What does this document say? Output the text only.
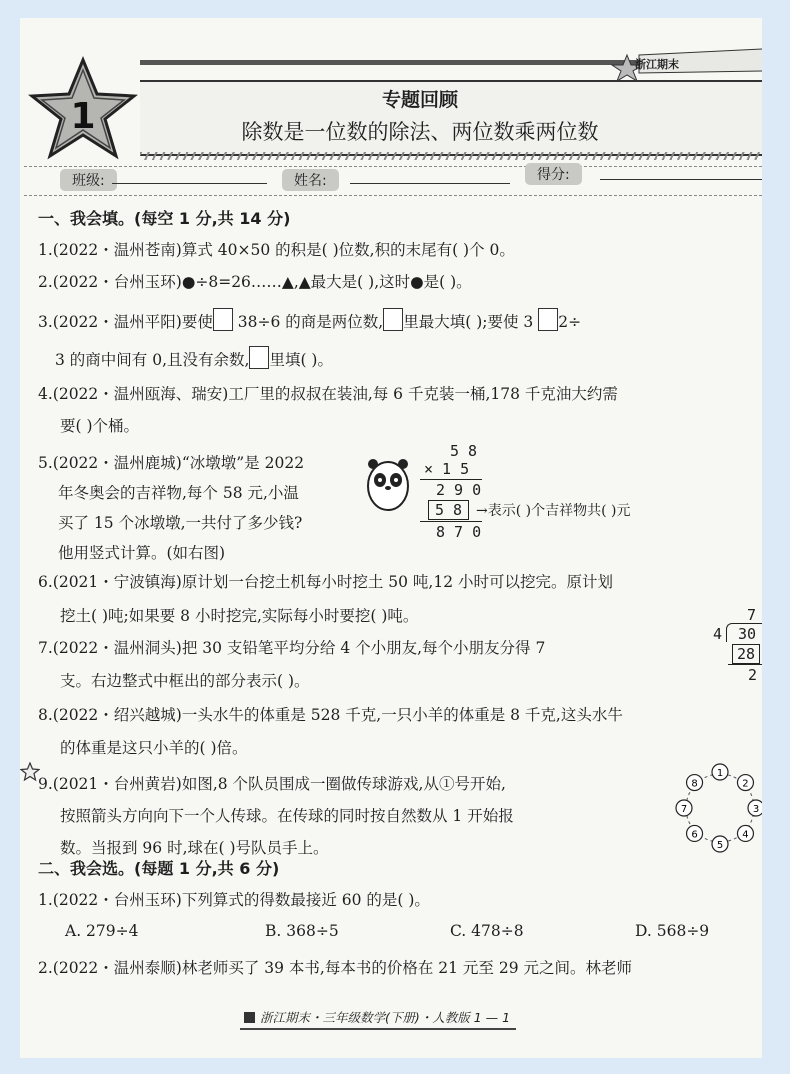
浙江期末
1	专题回顾
除数是一位数的除法、两位数乘两位数
班级:	姓名:	得分:
一、我会填。(每空 1 分,共 14 分)
1.(2022・温州苍南)算式 40×50 的积是( )位数,积的末尾有( )个 0。
2.(2022・台州玉环)●÷8=26……▲,▲最大是( ),这时●是( )。
3.(2022・温州平阳)要使 38÷6 的商是两位数, 里最大填( );要使 3 2÷
3 的商中间有 0,且没有余数, 里填( )。
4.(2022・温州瓯海、瑞安)工厂里的叔叔在装油,每 6 千克装一桶,178 千克油大约需
要( )个桶。
5.(2022・温州鹿城)“冰墩墩”是 2022
年冬奥会的吉祥物,每个 58 元,小温
买了 15 个冰墩墩,一共付了多少钱?
他用竖式计算。(如右图)
5 8
× 1 5
2 9 0
5 8 →表示( )个吉祥物共( )元
8 7 0
6.(2021・宁波镇海)原计划一台挖土机每小时挖土 50 吨,12 小时可以挖完。原计划
挖土( )吨;如果要 8 小时挖完,实际每小时要挖( )吨。
7.(2022・温州洞头)把 30 支铅笔平均分给 4 个小朋友,每个小朋友分得 7
支。右边整式中框出的部分表示( )。
7
4 30
28
2
8.(2022・绍兴越城)一头水牛的体重是 528 千克,一只小羊的体重是 8 千克,这头水牛
的体重是这只小羊的( )倍。
9.(2021・台州黄岩)如图,8 个队员围成一圈做传球游戏,从①号开始,
按照箭头方向向下一个人传球。在传球的同时按自然数从 1 开始报
数。当报到 96 时,球在( )号队员手上。
1
2
3
4
5
6
7
8
二、我会选。(每题 1 分,共 6 分)
1.(2022・台州玉环)下列算式的得数最接近 60 的是( )。
A. 279÷4	B. 368÷5	C. 478÷8	D. 568÷9
2.(2022・温州泰顺)林老师买了 39 本书,每本书的价格在 21 元至 29 元之间。林老师
浙江期末・三年级数学(下册)・人教版 1 — 1
